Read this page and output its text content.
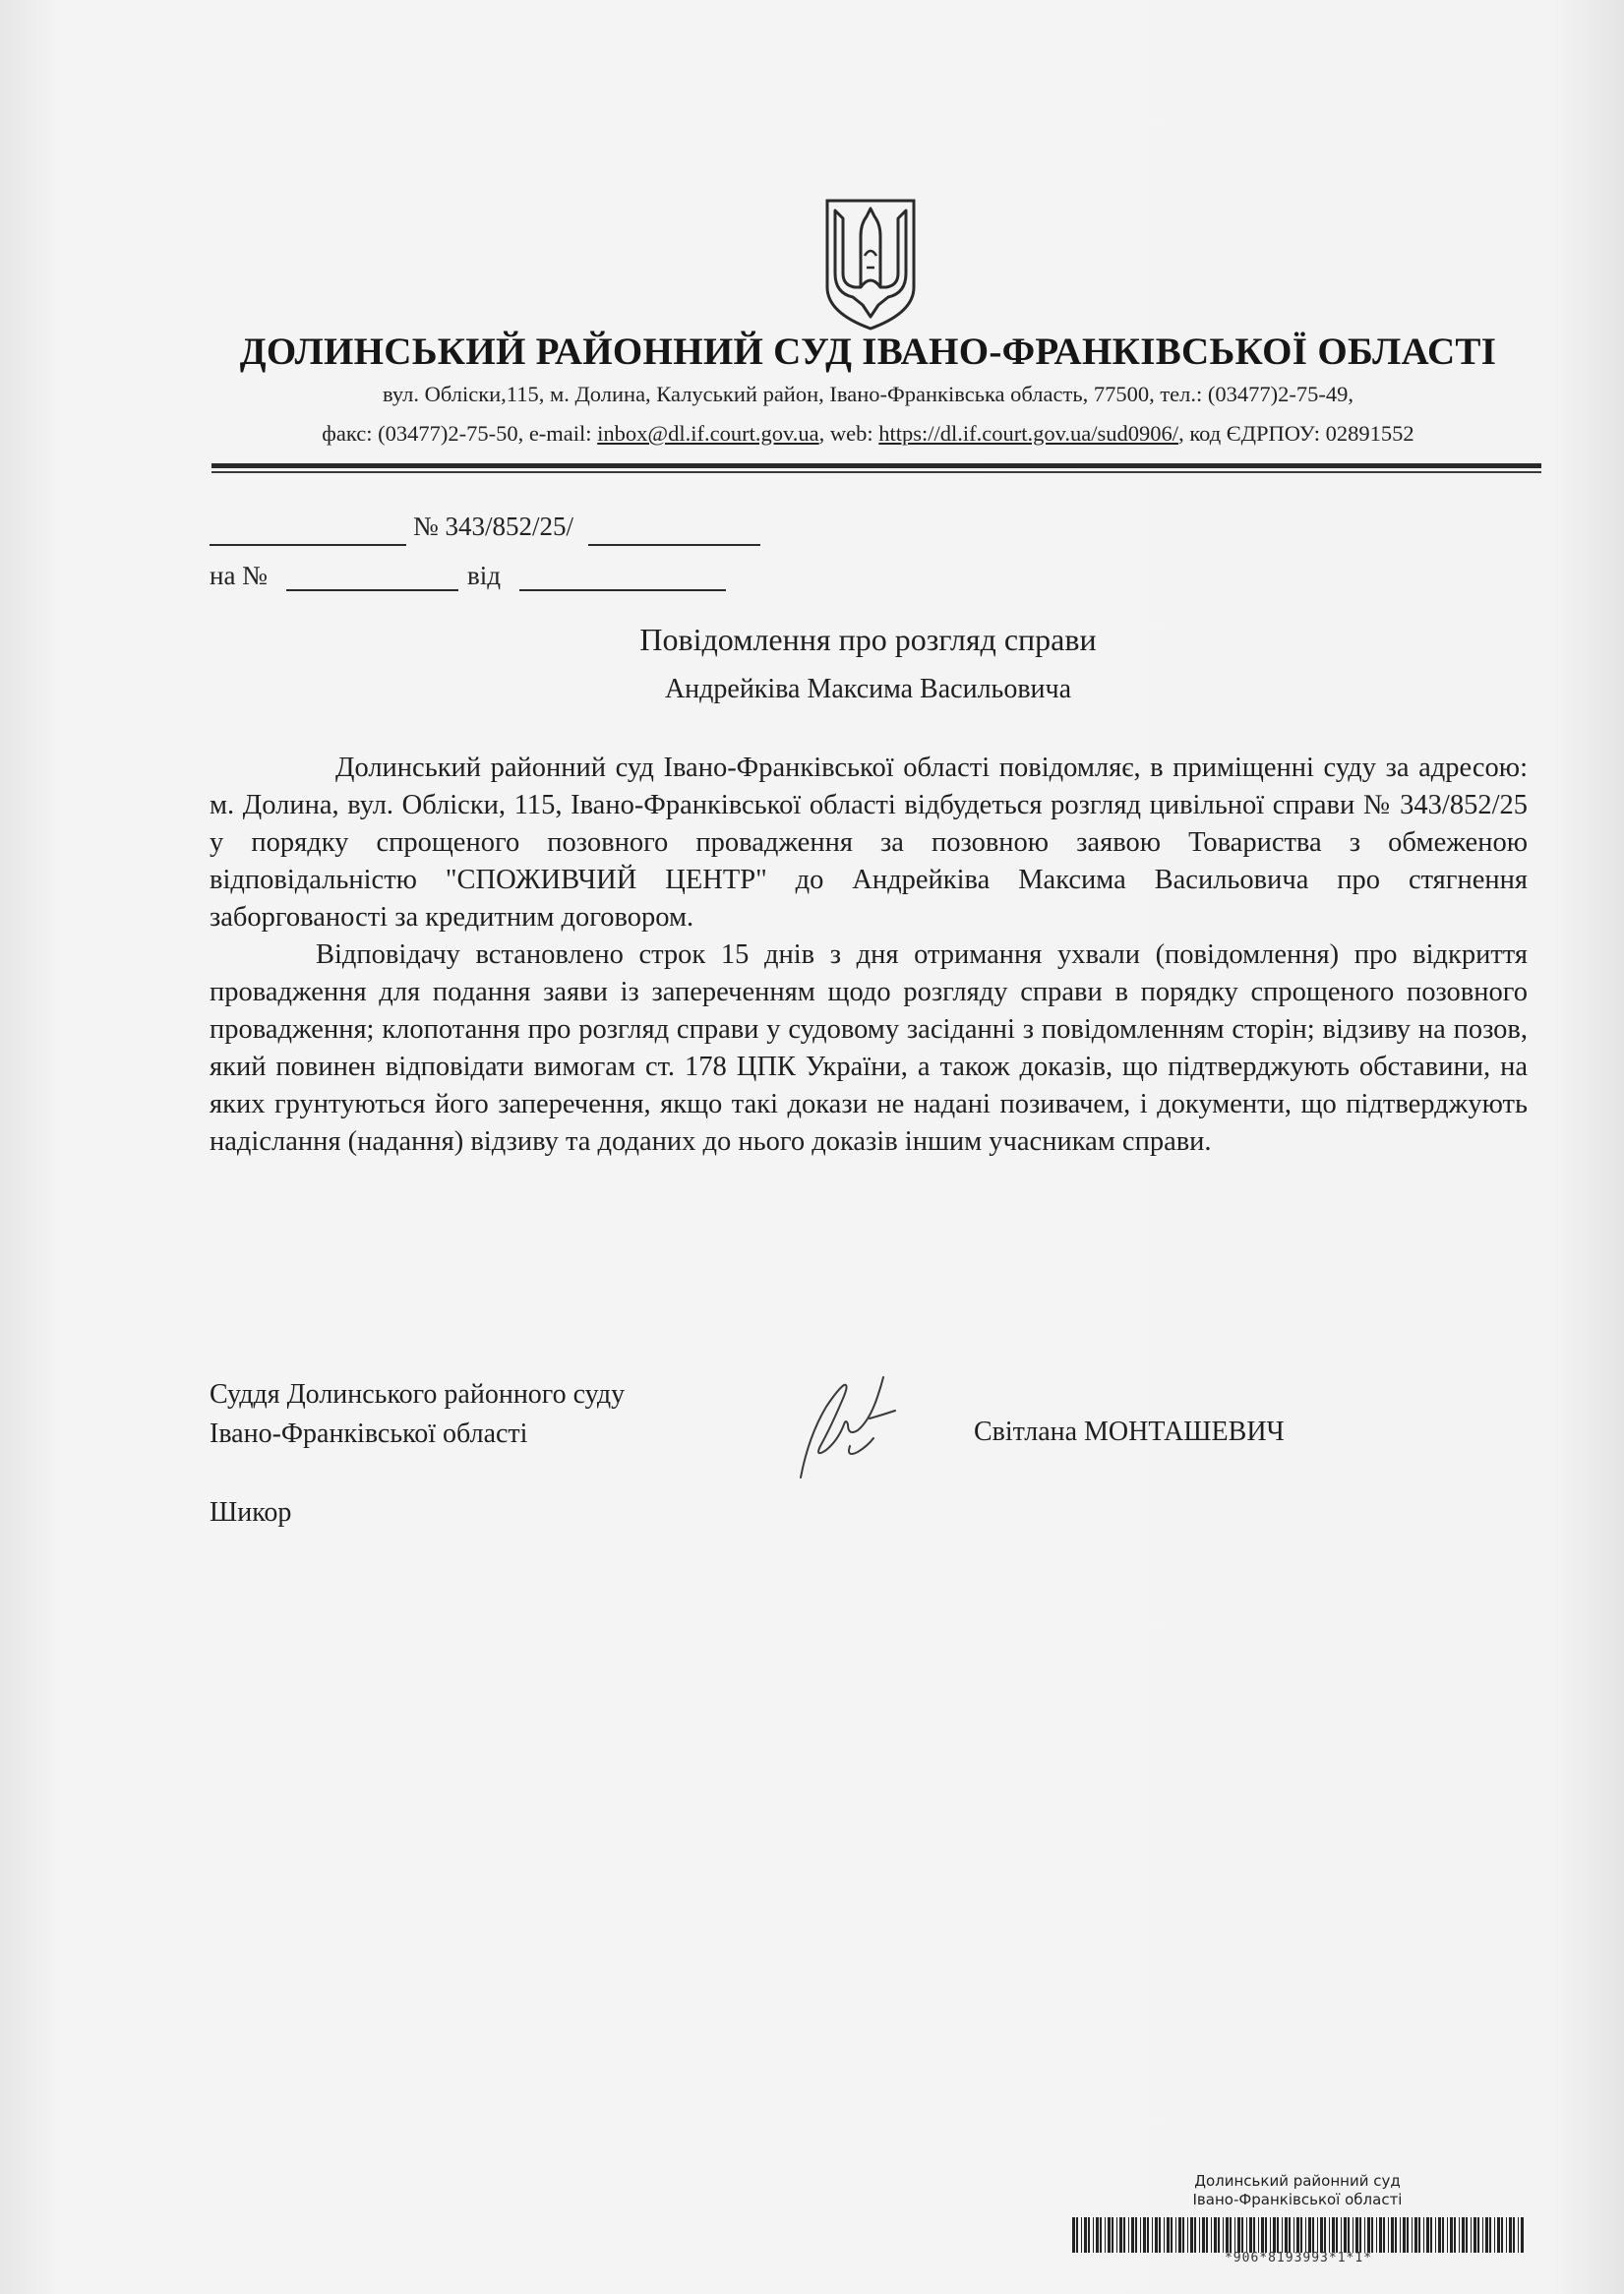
ДОЛИНСЬКИЙ РАЙОННИЙ СУД ІВАНО-ФРАНКІВСЬКОЇ ОБЛАСТІ
вул. Обліски,115, м. Долина, Калуський район, Івано-Франківська область, 77500, тел.: (03477)2-75-49,
факс: (03477)2-75-50, e-mail: inbox@dl.if.court.gov.ua, web: https://dl.if.court.gov.ua/sud0906/, код ЄДРПОУ: 02891552
№ 343/852/25/
на №	від
Повідомлення про розгляд справи
Андрейківа Максима Васильовича
Долинський районний суд Івано-Франківської області повідомляє, в приміщенні суду за адресою: м. Долина, вул. Обліски, 115, Івано-Франківської області відбудеться розгляд цивільної справи № 343/852/25 у порядку спрощеного позовного провадження за позовною заявою Товариства з обмеженою відповідальністю "СПОЖИВЧИЙ ЦЕНТР" до Андрейківа Максима Васильовича про стягнення заборгованості за кредитним договором.
Відповідачу встановлено строк 15 днів з дня отримання ухвали (повідомлення) про відкриття провадження для подання заяви із запереченням щодо розгляду справи в порядку спрощеного позовного провадження; клопотання про розгляд справи у судовому засіданні з повідомленням сторін; відзиву на позов, який повинен відповідати вимогам ст. 178 ЦПК України, а також доказів, що підтверджують обставини, на яких грунтуються його заперечення, якщо такі докази не надані позивачем, і документи, що підтверджують надіслання (надання) відзиву та доданих до нього доказів іншим учасникам справи.
Суддя Долинського районного суду
Івано-Франківської області	Світлана МОНТАШЕВИЧ
Шикор
Долинський районний суд
Івано-Франківської області
*906*8193993*1*1*
